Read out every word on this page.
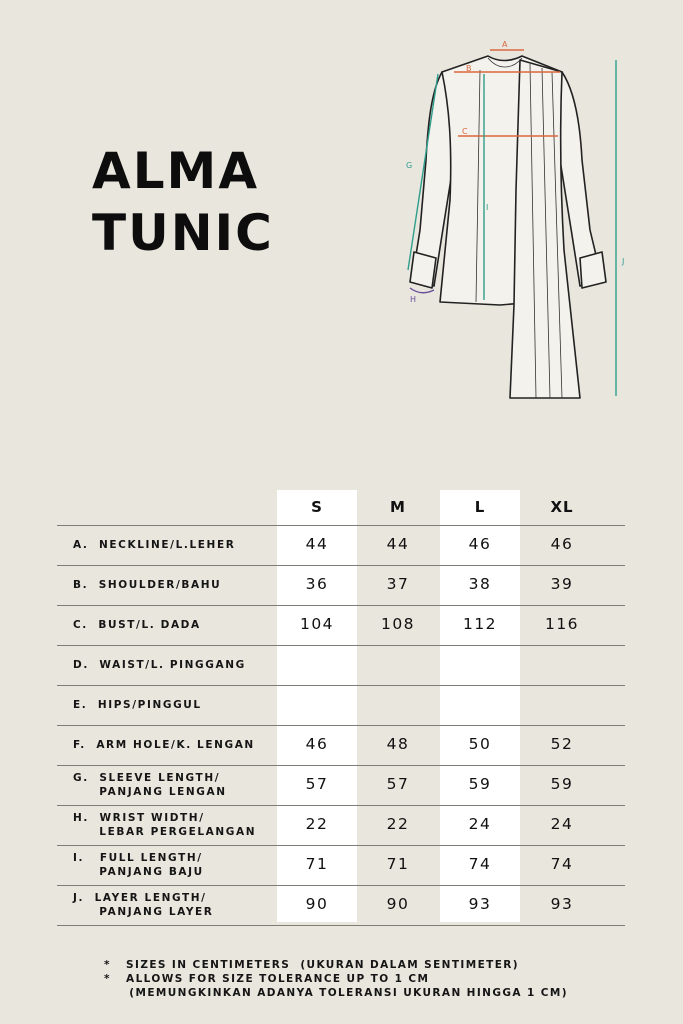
ALMA
TUNIC
A
B
C
G
I
J
H
S	M	L	XL
A.  NECKLINE/L.LEHER	44	44	46	46
B.  SHOULDER/BAHU	36	37	38	39
C.  BUST/L. DADA	104	108	112	116
D.  WAIST/L. PINGGANG
E.  HIPS/PINGGUL
F.  ARM HOLE/K. LENGAN	46	48	50	52
G.  SLEEVE LENGTH/
PANJANG LENGAN	57	57	59	59
H.  WRIST WIDTH/
LEBAR PERGELANGAN	22	22	24	24
I.   FULL LENGTH/
PANJANG BAJU	71	71	74	74
J.  LAYER LENGTH/
PANJANG LAYER	90	90	93	93
*   SIZES IN CENTIMETERS  (UKURAN DALAM SENTIMETER)
*   ALLOWS FOR SIZE TOLERANCE UP TO 1 CM
(MEMUNGKINKAN ADANYA TOLERANSI UKURAN HINGGA 1 CM)
